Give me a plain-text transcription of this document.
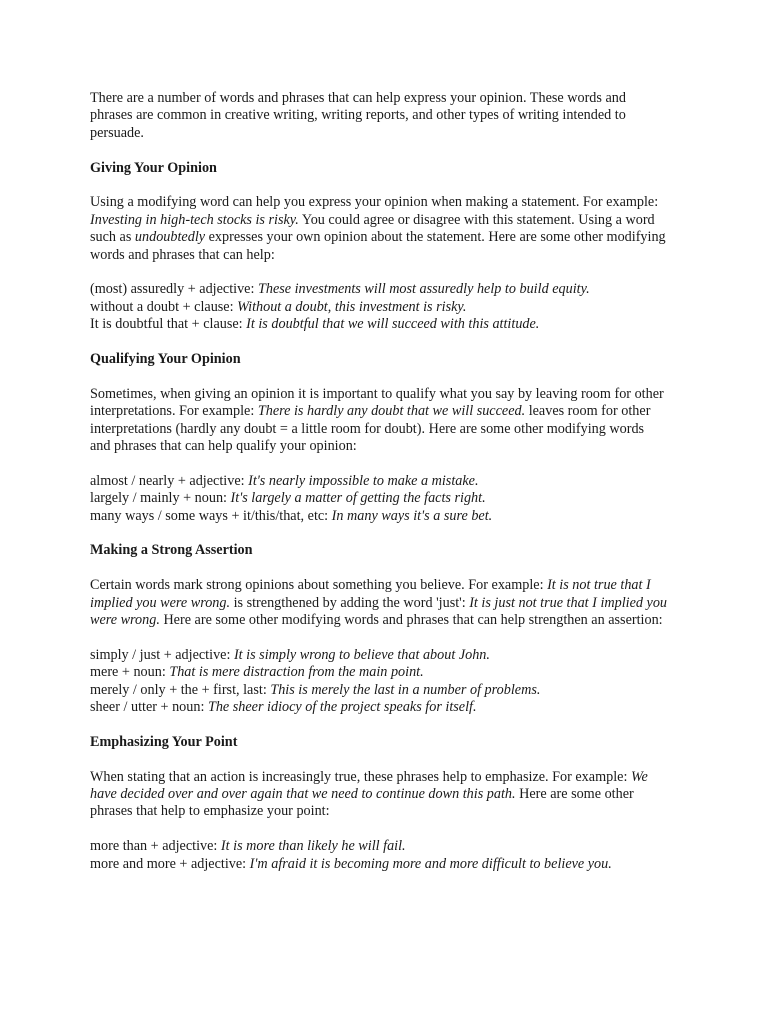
There are a number of words and phrases that can help express your opinion. These words and phrases are common in creative writing, writing reports, and other types of writing intended to persuade.

Giving Your Opinion

Using a modifying word can help you express your opinion when making a statement. For example: Investing in high-tech stocks is risky. You could agree or disagree with this statement. Using a word such as undoubtedly expresses your own opinion about the statement. Here are some other modifying words and phrases that can help:

(most) assuredly + adjective: These investments will most assuredly help to build equity.
without a doubt + clause: Without a doubt, this investment is risky.
It is doubtful that + clause: It is doubtful that we will succeed with this attitude.

Qualifying Your Opinion

Sometimes, when giving an opinion it is important to qualify what you say by leaving room for other interpretations. For example: There is hardly any doubt that we will succeed. leaves room for other interpretations (hardly any doubt = a little room for doubt). Here are some other modifying words and phrases that can help qualify your opinion:

almost / nearly + adjective: It's nearly impossible to make a mistake.
largely / mainly + noun: It's largely a matter of getting the facts right.
many ways / some ways + it/this/that, etc: In many ways it's a sure bet.

Making a Strong Assertion

Certain words mark strong opinions about something you believe. For example: It is not true that I implied you were wrong. is strengthened by adding the word 'just': It is just not true that I implied you were wrong. Here are some other modifying words and phrases that can help strengthen an assertion:

simply / just + adjective: It is simply wrong to believe that about John.
mere + noun: That is mere distraction from the main point.
merely / only + the + first, last: This is merely the last in a number of problems.
sheer / utter + noun: The sheer idiocy of the project speaks for itself.

Emphasizing Your Point

When stating that an action is increasingly true, these phrases help to emphasize. For example: We have decided over and over again that we need to continue down this path. Here are some other phrases that help to emphasize your point:

more than + adjective: It is more than likely he will fail.
more and more + adjective: I'm afraid it is becoming more and more difficult to believe you.
